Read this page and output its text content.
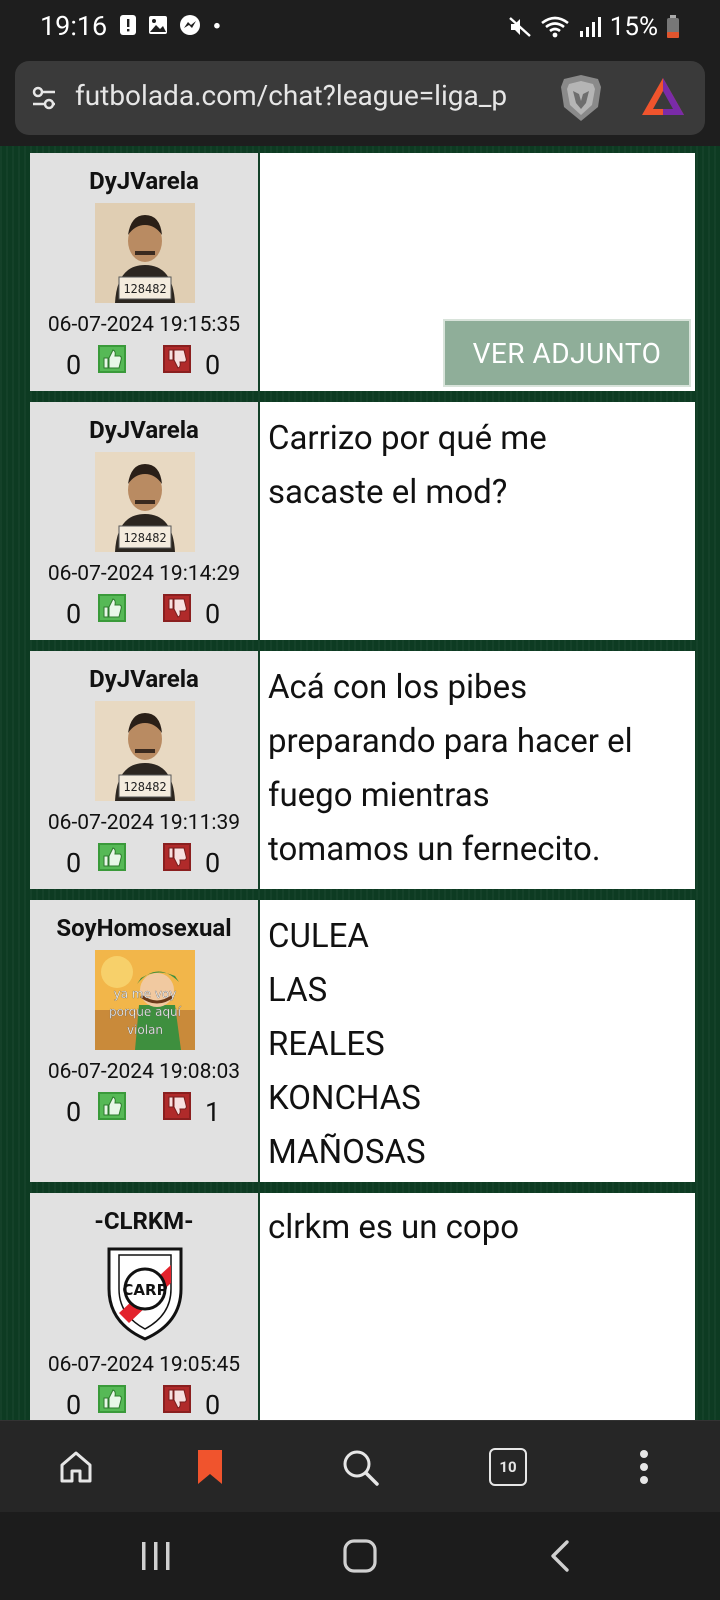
19:16	15%
futbolada.com/chat?league=liga_p
DyJVarela
128482
06-07-2024 19:15:35
0	0	VER ADJUNTO
DyJVarela
128482
06-07-2024 19:14:29
0	0
Carrizo por qué me
sacaste el mod?
DyJVarela
128482
06-07-2024 19:11:39
0	0
Acá con los pibes
preparando para hacer el
fuego mientras
tomamos un fernecito.
SoyHomosexual
ya me voy
porque aquí
violan
06-07-2024 19:08:03
0	1
CULEA
LAS
REALES
KONCHAS
MAÑOSAS
-CLRKM-
CARP
06-07-2024 19:05:45
0	0
clrkm es un copo
10
